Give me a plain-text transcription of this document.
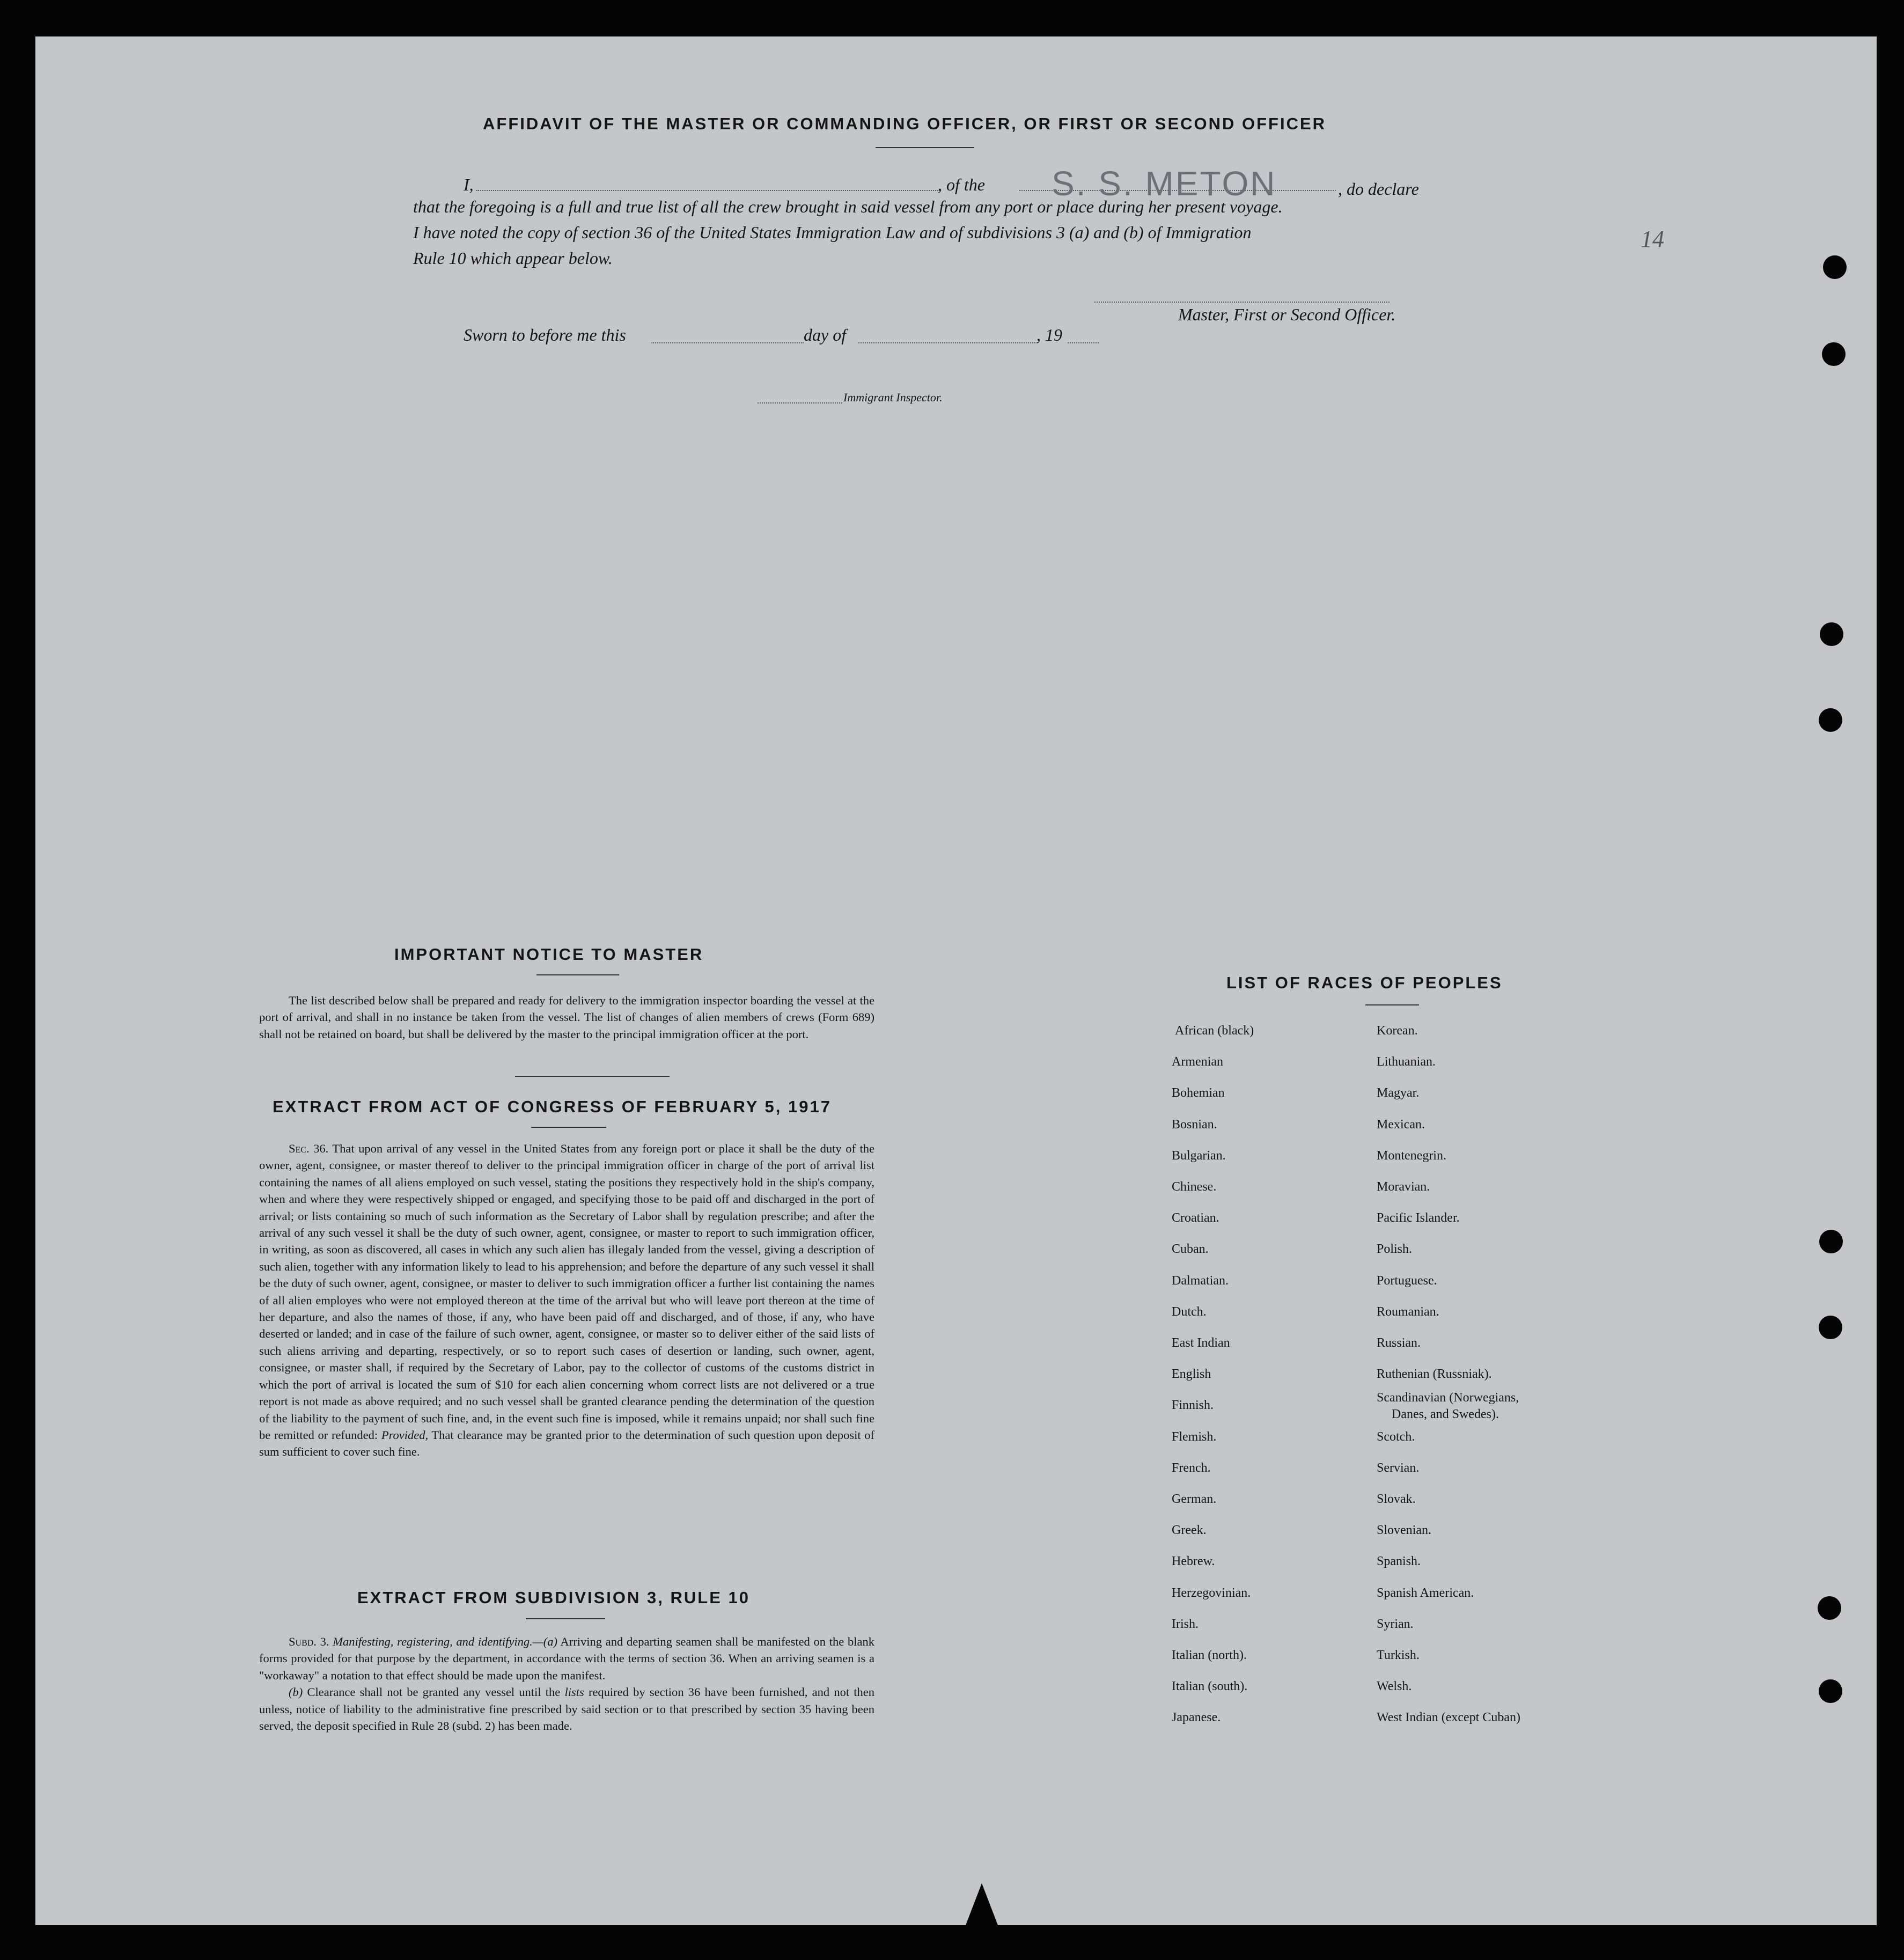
14
AFFIDAVIT OF THE MASTER OR COMMANDING OFFICER, OR FIRST OR SECOND OFFICER
I,	, of the S. S. METON	, do declare
that the foregoing is a full and true list of all the crew brought in said vessel from any port or place during her present voyage.
I have noted the copy of section 36 of the United States Immigration Law and of subdivisions 3 (a) and (b) of Immigration
Rule 10 which appear below.
Master, First or Second Officer.
Sworn to before me this	day of	, 19
Immigrant Inspector.
IMPORTANT NOTICE TO MASTER

The list described below shall be prepared and ready for delivery to the immigration inspector boarding the vessel at the port of arrival, and shall in no instance be taken from the vessel. The list of changes of alien members of crews (Form 689) shall not be retained on board, but shall be delivered by the master to the principal immigration officer at the port.

EXTRACT FROM ACT OF CONGRESS OF FEBRUARY 5, 1917

Sec. 36. That upon arrival of any vessel in the United States from any foreign port or place it shall be the duty of the owner, agent, consignee, or master thereof to deliver to the principal immigration officer in charge of the port of arrival list containing the names of all aliens employed on such vessel, stating the positions they respectively hold in the ship's company, when and where they were respectively shipped or engaged, and specifying those to be paid off and discharged in the port of arrival; or lists containing so much of such information as the Secretary of Labor shall by regulation prescribe; and after the arrival of any such vessel it shall be the duty of such owner, agent, consignee, or master to report to such immigration officer, in writing, as soon as discovered, all cases in which any such alien has illegaly landed from the vessel, giving a description of such alien, together with any information likely to lead to his apprehension; and before the departure of any such vessel it shall be the duty of such owner, agent, consignee, or master to deliver to such immigration officer a further list containing the names of all alien employes who were not employed thereon at the time of the arrival but who will leave port thereon at the time of her departure, and also the names of those, if any, who have been paid off and discharged, and of those, if any, who have deserted or landed; and in case of the failure of such owner, agent, consignee, or master so to deliver either of the said lists of such aliens arriving and departing, respectively, or so to report such cases of desertion or landing, such owner, agent, consignee, or master shall, if required by the Secretary of Labor, pay to the collector of customs of the customs district in which the port of arrival is located the sum of $10 for each alien concerning whom correct lists are not delivered or a true report is not made as above required; and no such vessel shall be granted clearance pending the determination of the question of the liability to the payment of such fine, and, in the event such fine is imposed, while it remains unpaid; nor shall such fine be remitted or refunded: Provided, That clearance may be granted prior to the determination of such question upon deposit of sum sufficient to cover such fine.

EXTRACT FROM SUBDIVISION 3, RULE 10

Subd. 3. Manifesting, registering, and identifying.—(a) Arriving and departing seamen shall be manifested on the blank forms provided for that purpose by the department, in accordance with the terms of section 36. When an arriving seamen is a "workaway" a notation to that effect should be made upon the manifest.

(b) Clearance shall not be granted any vessel until the lists required by section 36 have been furnished, and not then unless, notice of liability to the administrative fine prescribed by said section or to that prescribed by section 35 having been served, the deposit specified in Rule 28 (subd. 2) has been made.

LIST OF RACES OF PEOPLES
African (black)
Armenian
Bohemian
Bosnian.
Bulgarian.
Chinese.
Croatian.
Cuban.
Dalmatian.
Dutch.
East Indian
English
Finnish.
Flemish.
French.
German.
Greek.
Hebrew.
Herzegovinian.
Irish.
Italian (north).
Italian (south).
Japanese.
Korean.
Lithuanian.
Magyar.
Mexican.
Montenegrin.
Moravian.
Pacific Islander.
Polish.
Portuguese.
Roumanian.
Russian.
Ruthenian (Russniak).
Scandinavian (Norwegians,
Scotch.
Servian.
Slovak.
Slovenian.
Spanish.
Spanish American.
Syrian.
Turkish.
Welsh.
West Indian (except Cuban)
Danes, and Swedes).
